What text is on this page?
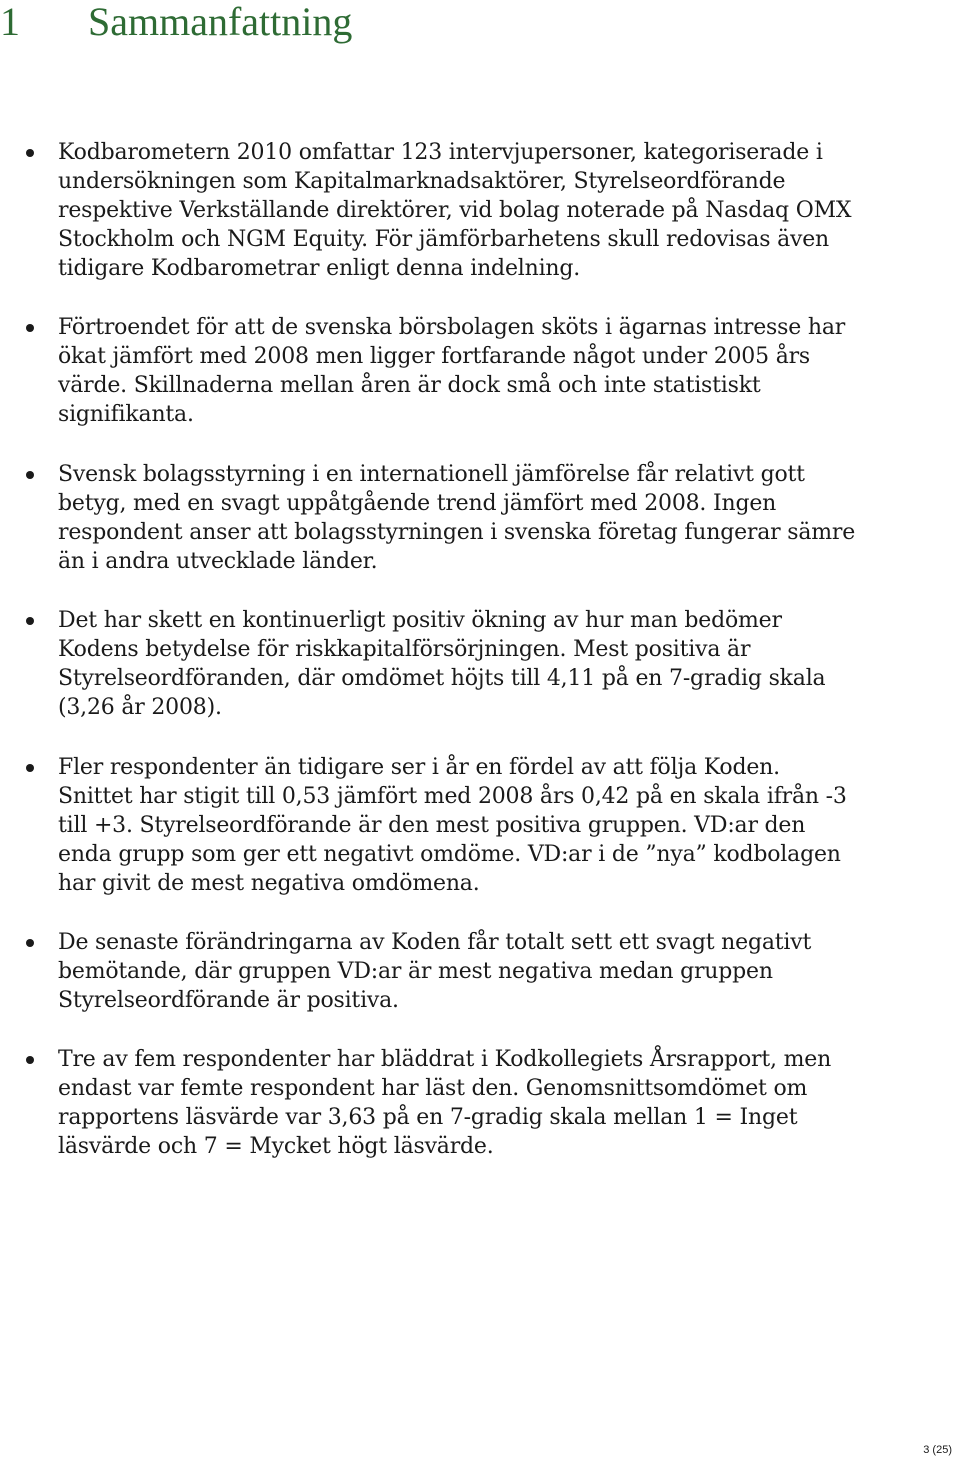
1 Sammanfattning

Kodbarometern 2010 omfattar 123 intervjupersoner, kategoriserade i undersökningen som Kapitalmarknadsaktörer, Styrelseordförande respektive Verkställande direktörer, vid bolag noterade på Nasdaq OMX Stockholm och NGM Equity. För jämförbarhetens skull redovisas även tidigare Kodbarometrar enligt denna indelning.

Förtroendet för att de svenska börsbolagen sköts i ägarnas intresse har ökat jämfört med 2008 men ligger fortfarande något under 2005 års värde. Skillnaderna mellan åren är dock små och inte statistiskt signifikanta.

Svensk bolagsstyrning i en internationell jämförelse får relativt gott betyg, med en svagt uppåtgående trend jämfört med 2008. Ingen respondent anser att bolagsstyrningen i svenska företag fungerar sämre än i andra utvecklade länder.

Det har skett en kontinuerligt positiv ökning av hur man bedömer Kodens betydelse för riskkapitalförsörjningen. Mest positiva är Styrelseordföranden, där omdömet höjts till 4,11 på en 7-gradig skala (3,26 år 2008).

Fler respondenter än tidigare ser i år en fördel av att följa Koden. Snittet har stigit till 0,53 jämfört med 2008 års 0,42 på en skala ifrån -3 till +3. Styrelseordförande är den mest positiva gruppen. VD:ar den enda grupp som ger ett negativt omdöme. VD:ar i de ”nya” kodbolagen har givit de mest negativa omdömena.

De senaste förändringarna av Koden får totalt sett ett svagt negativt bemötande, där gruppen VD:ar är mest negativa medan gruppen Styrelseordförande är positiva.

Tre av fem respondenter har bläddrat i Kodkollegiets Årsrapport, men endast var femte respondent har läst den. Genomsnittsomdömet om rapportens läsvärde var 3,63 på en 7-gradig skala mellan 1 = Inget läsvärde och 7 = Mycket högt läsvärde.

3 (25)
